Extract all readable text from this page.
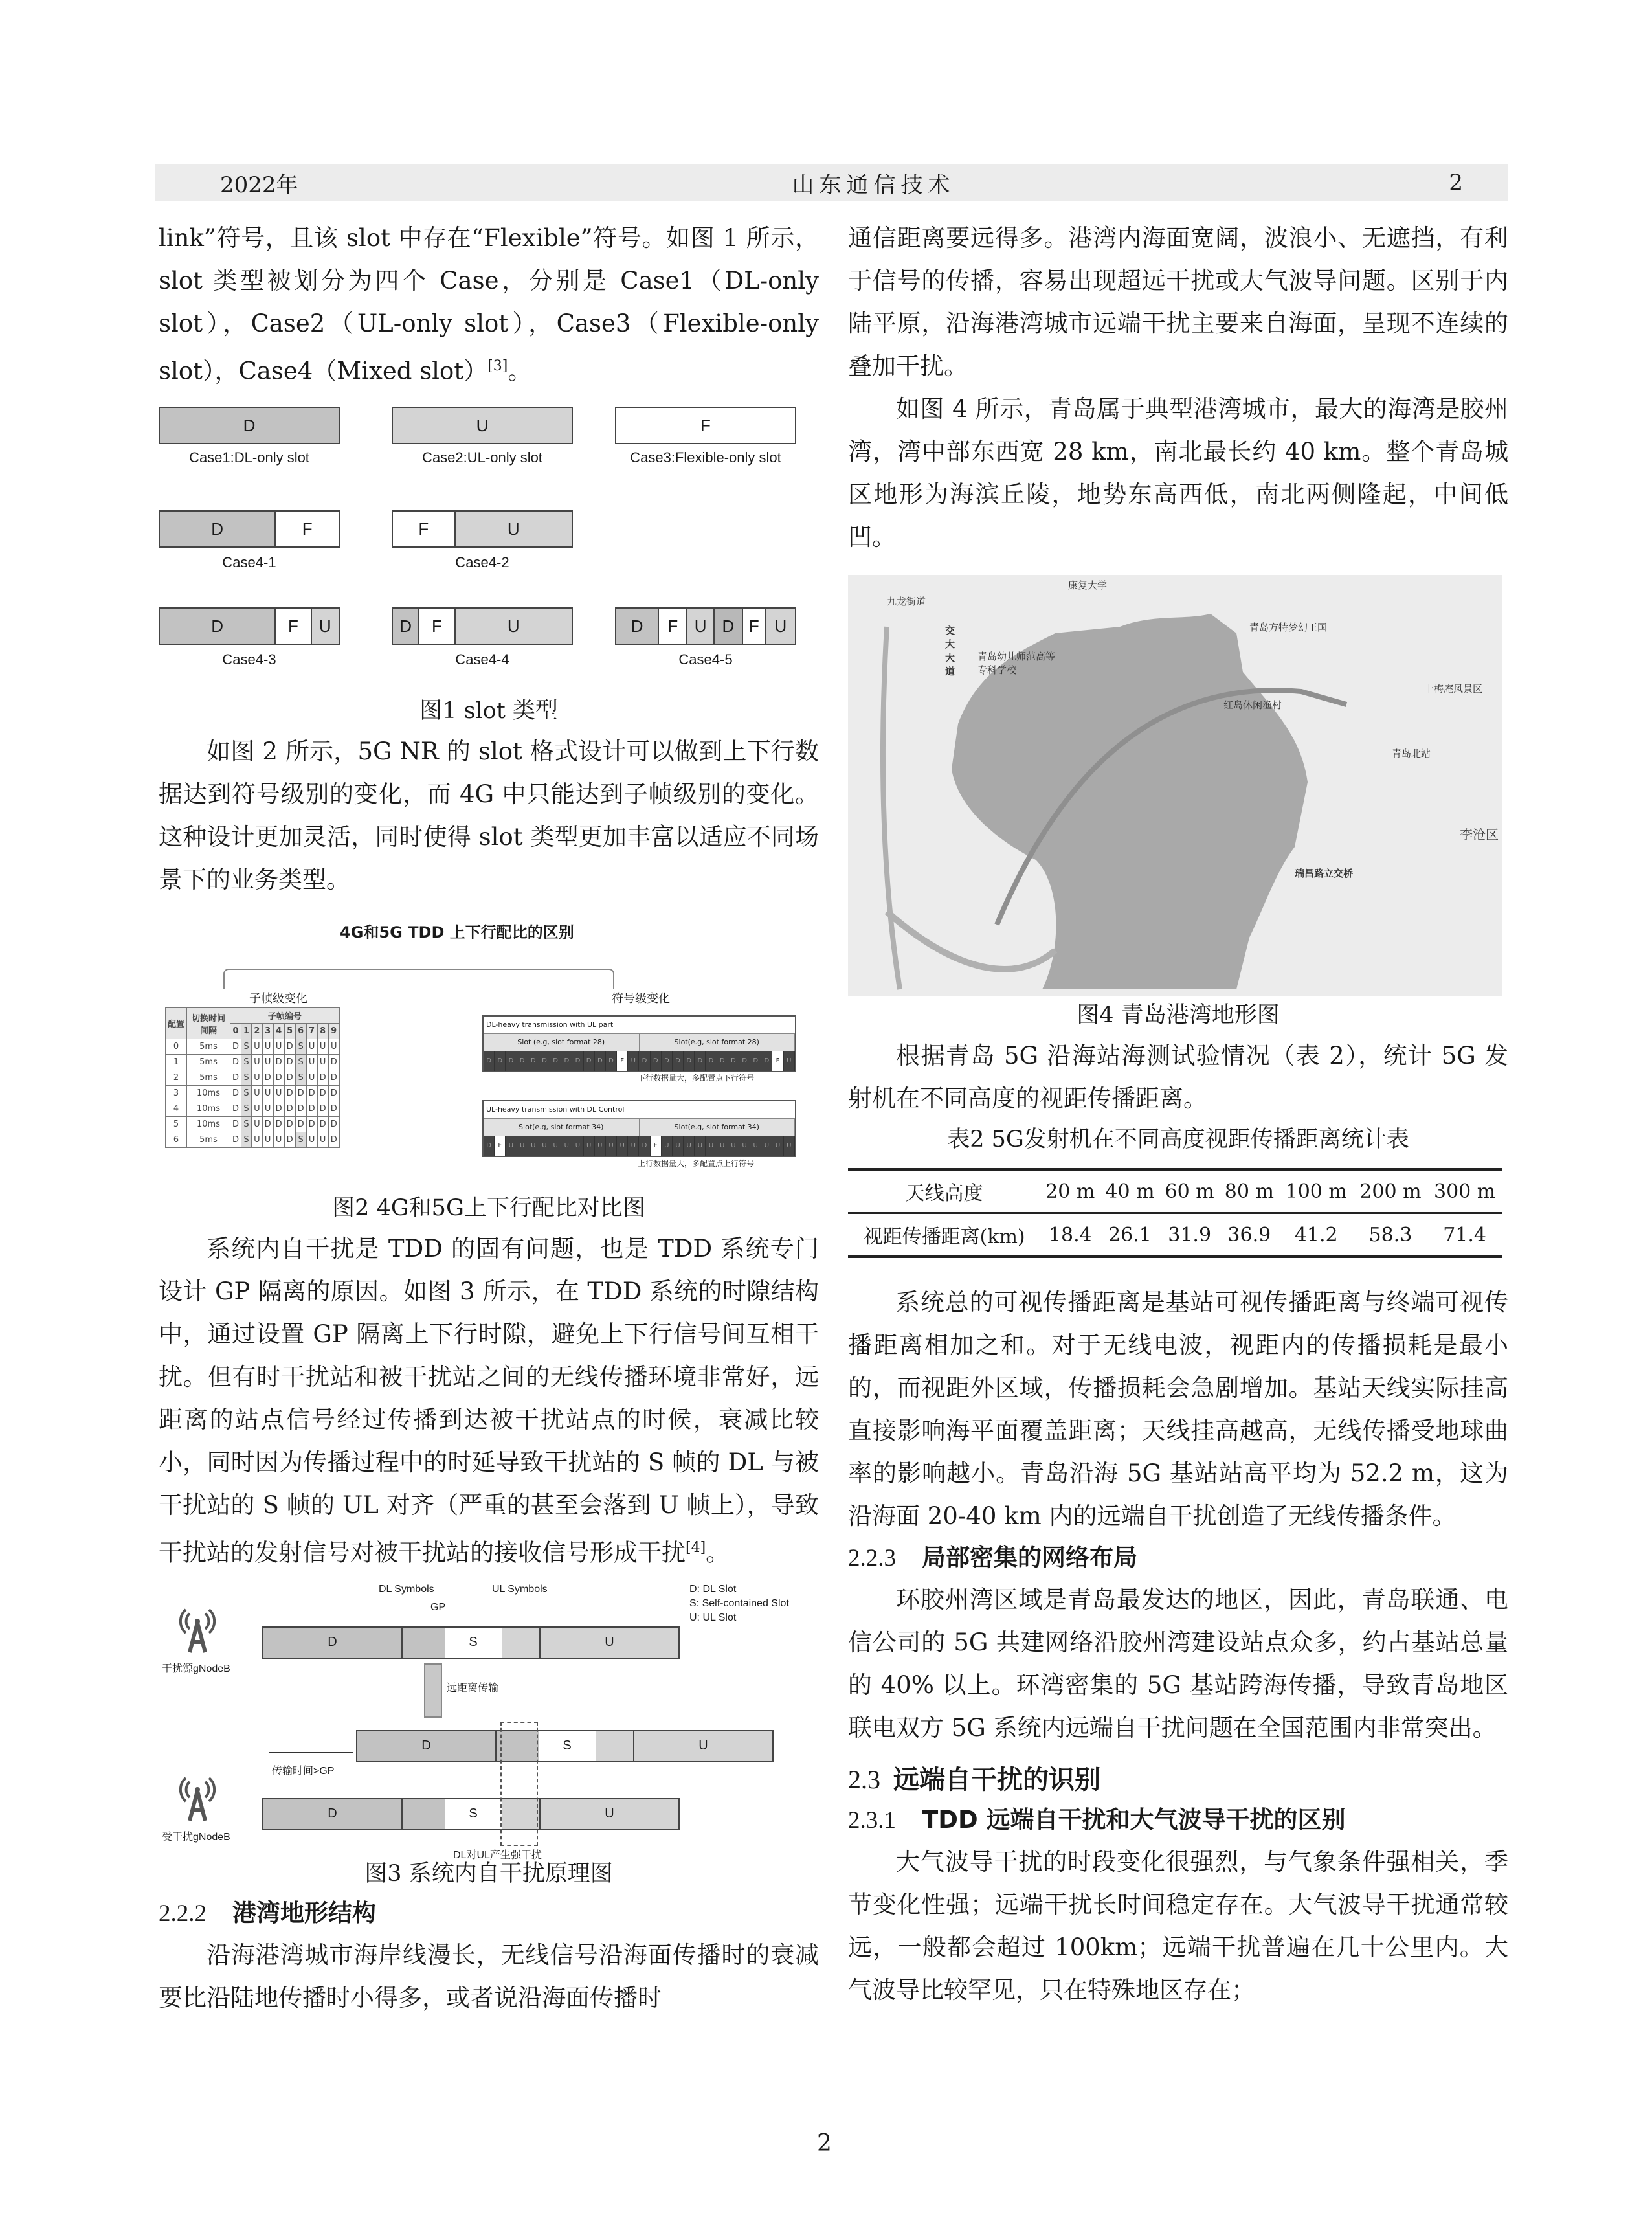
2022年	山东通信技术	2

link”符号，且该 slot 中存在“Flexible”符号。如图 1 所示，slot 类型被划分为四个 Case，分别是 Case1（DL-only slot），Case2（UL-only slot），Case3（Flexible-only slot），Case4（Mixed slot）[3]。

D
Case1:DL-only slot
U
Case2:UL-only slot
F
Case3:Flexible-only slot
D	F
Case4-1
F	U
Case4-2
D	F	U
Case4-3
D	F	U
Case4-4
D	F U D F U
Case4-5
图1 slot 类型

如图 2 所示，5G NR 的 slot 格式设计可以做到上下行数据达到符号级别的变化，而 4G 中只能达到子帧级别的变化。这种设计更加灵活，同时使得 slot 类型更加丰富以适应不同场景下的业务类型。

4G和5G TDD 上下行配比的区别
子帧级变化	符号级变化
配置	切换时间间隔	子帧编号									
		0	1	2	3	4	5	6	7	8	9
0	5ms	D	S	U	U	U	D	S	U	U	U
1	5ms	D	S	U	U	D	D	S	U	U	D
2	5ms	D	S	U	D	D	D	S	U	D	D
3	10ms	D	S	U	U	U	D	D	D	D	D
4	10ms	D	S	U	U	D	D	D	D	D	D
5	10ms	D	S	U	D	D	D	D	D	D	D
6	5ms	D	S	U	U	U	D	S	U	U	D
DL-heavy transmission with UL part
Slot (e.g, slot format 28)	Slot(e.g, slot format 28)
D D D D D D D D D D D D	F	U D D D D D D D D D D D D	F	U
下行数据量大，多配置点下行符号
UL-heavy transmission with DL Control
Slot(e.g, slot format 34)	Slot(e.g, slot format 34)
D	F	U U U U U U U U U U U U D	F	U U U U U U U U U U U U
上行数据量大，多配置点上行符号
图2 4G和5G上下行配比对比图

系统内自干扰是 TDD 的固有问题，也是 TDD 系统专门设计 GP 隔离的原因。如图 3 所示，在 TDD 系统的时隙结构中，通过设置 GP 隔离上下行时隙，避免上下行信号间互相干扰。但有时干扰站和被干扰站之间的无线传播环境非常好，远距离的站点信号经过传播到达被干扰站点的时候，衰减比较小，同时因为传播过程中的时延导致干扰站的 S 帧的 DL 与被干扰站的 S 帧的 UL 对齐（严重的甚至会落到 U 帧上），导致干扰站的发射信号对被干扰站的接收信号形成干扰[4]。

干扰源gNodeB
DL Symbols
GP
UL Symbols	D: DL Slot
S: Self-contained Slot
U: UL Slot
D	S	U
远距离传输
D	S	U
传输时间>GP
受干扰gNodeB
D	S	U
DL对UL产生强干扰
图3 系统内自干扰原理图
2.2.2 港湾地形结构

沿海港湾城市海岸线漫长，无线信号沿海面传播时的衰减要比沿陆地传播时小得多，或者说沿海面传播时

通信距离要远得多。港湾内海面宽阔，波浪小、无遮挡，有利于信号的传播，容易出现超远干扰或大气波导问题。区别于内陆平原，沿海港湾城市远端干扰主要来自海面，呈现不连续的叠加干扰。

如图 4 所示，青岛属于典型港湾城市，最大的海湾是胶州湾，湾中部东西宽 28 km，南北最长约 40 km。整个青岛城区地形为海滨丘陵，地势东高西低，南北两侧隆起，中间低凹。

康复大学
九龙街道
青岛方特梦幻王国
十梅庵风景区
交大大道
青岛幼儿师范高等专科学校
红岛休闲渔村
青岛北站
李沧区
瑞昌路立交桥
图4 青岛港湾地形图

根据青岛 5G 沿海站海测试验情况（表 2），统计 5G 发射机在不同高度的视距传播距离。

表2 5G发射机在不同高度视距传播距离统计表
天线高度	20 m	40 m	60 m	80 m	100 m	200 m	300 m
视距传播距离(km)	18.4	26.1	31.9	36.9	41.2	58.3	71.4

系统总的可视传播距离是基站可视传播距离与终端可视传播距离相加之和。对于无线电波，视距内的传播损耗是最小的，而视距外区域，传播损耗会急剧增加。基站天线实际挂高直接影响海平面覆盖距离；天线挂高越高，无线传播受地球曲率的影响越小。青岛沿海 5G 基站站高平均为 52.2 m，这为沿海面 20-40 km 内的远端自干扰创造了无线传播条件。

2.2.3 局部密集的网络布局

环胶州湾区域是青岛最发达的地区，因此，青岛联通、电信公司的 5G 共建网络沿胶州湾建设站点众多，约占基站总量的 40% 以上。环湾密集的 5G 基站跨海传播，导致青岛地区联电双方 5G 系统内远端自干扰问题在全国范围内非常突出。

2.3 远端自干扰的识别
2.3.1 TDD 远端自干扰和大气波导干扰的区别

大气波导干扰的时段变化很强烈，与气象条件强相关，季节变化性强；远端干扰长时间稳定存在。大气波导干扰通常较远，一般都会超过 100km；远端干扰普遍在几十公里内。大气波导比较罕见，只在特殊地区存在；

2
